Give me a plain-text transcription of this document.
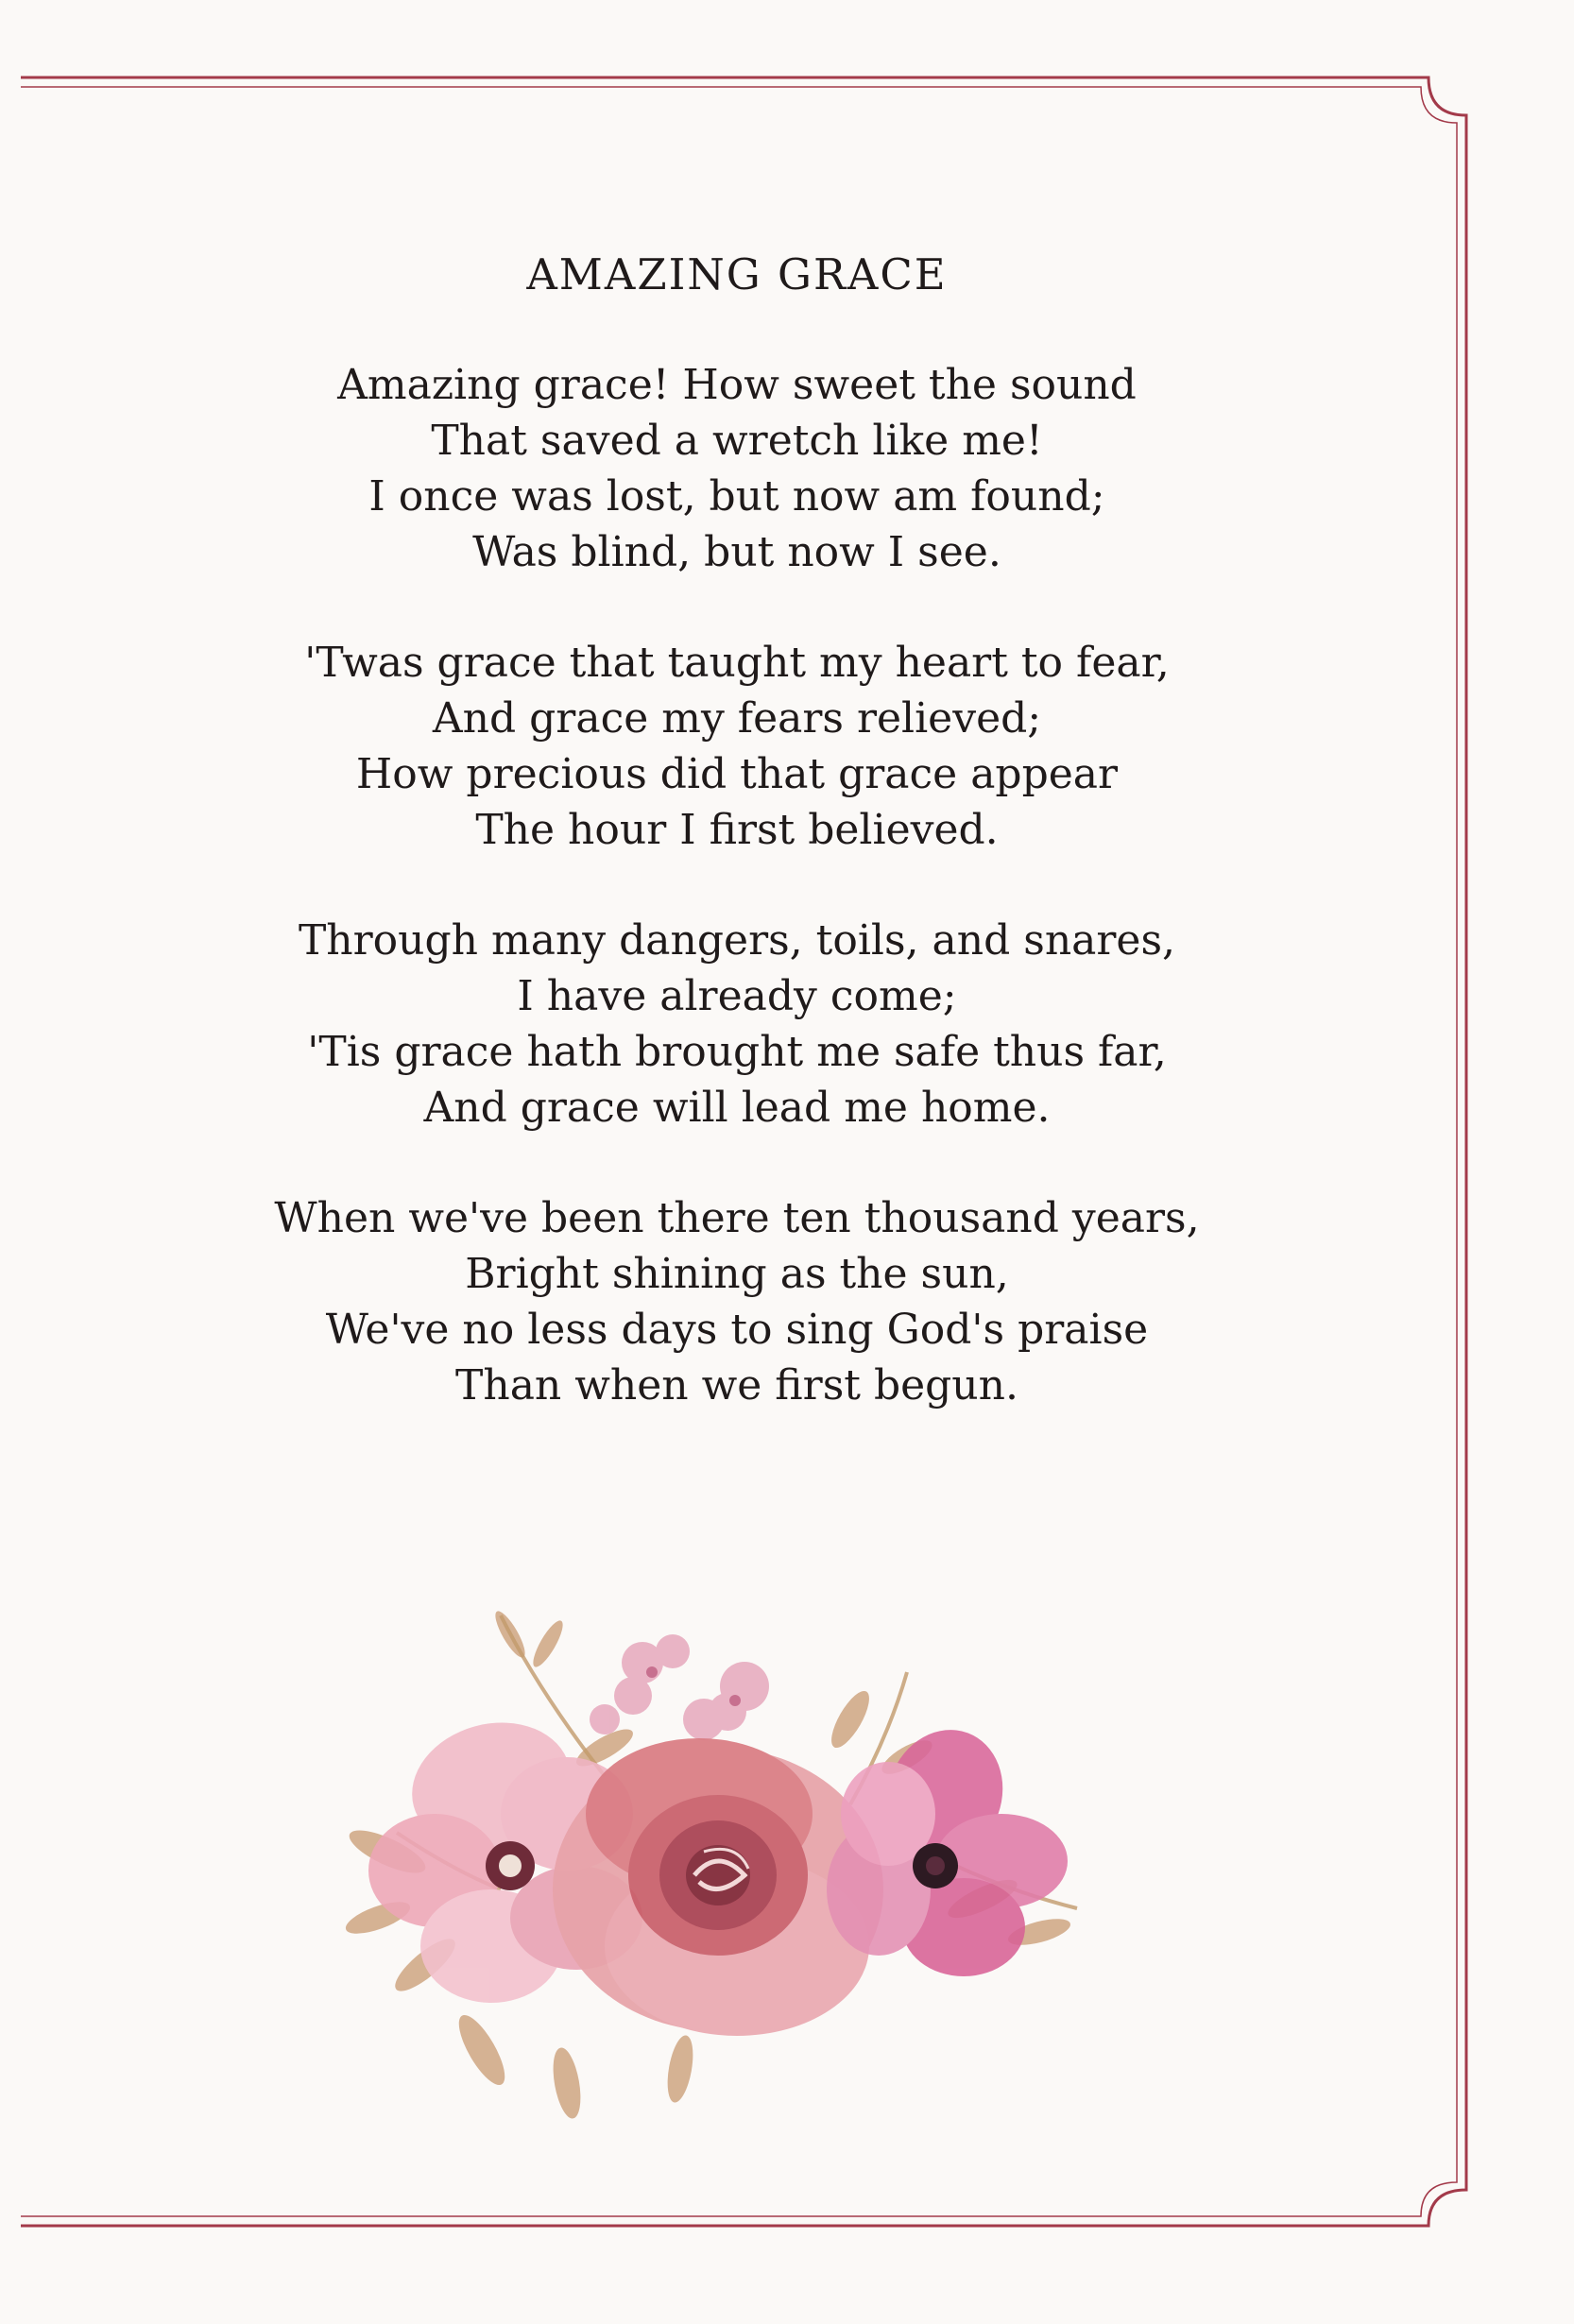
AMAZING GRACE
Amazing grace! How sweet the sound
That saved a wretch like me!
I once was lost, but now am found;
Was blind, but now I see.
'Twas grace that taught my heart to fear,
And grace my fears relieved;
How precious did that grace appear
The hour I first believed.
Through many dangers, toils, and snares,
I have already come;
'Tis grace hath brought me safe thus far,
And grace will lead me home.
When we've been there ten thousand years,
Bright shining as the sun,
We've no less days to sing God's praise
Than when we first begun.
